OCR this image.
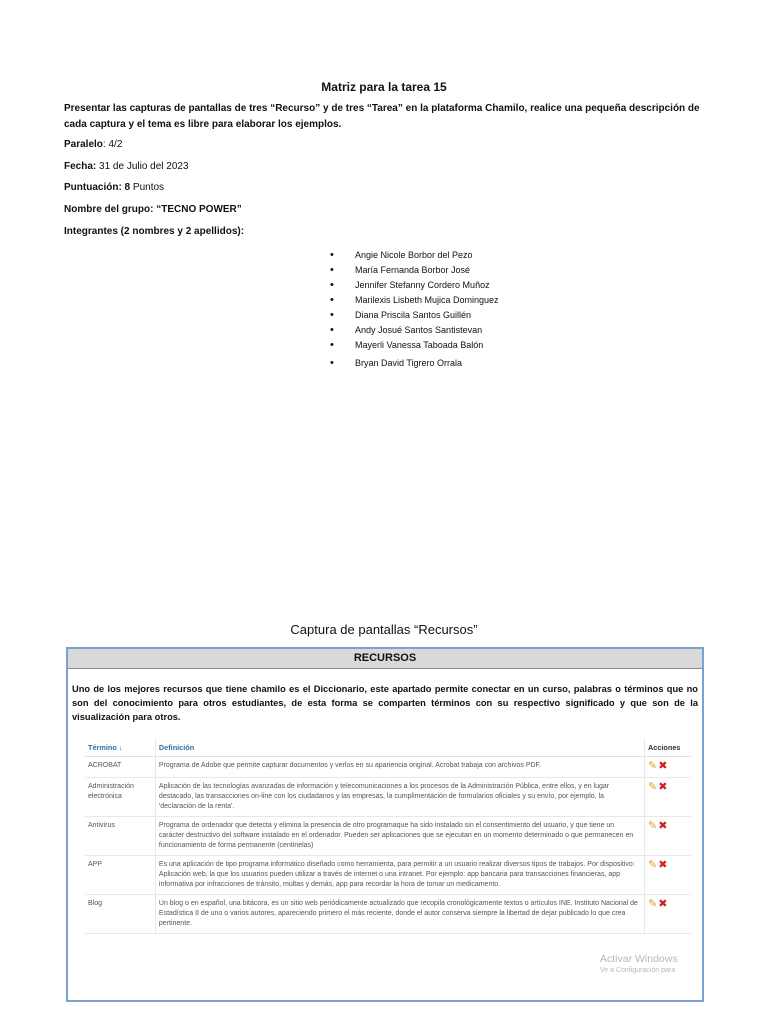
Matriz para la tarea 15
Presentar las capturas de pantallas de tres “Recurso” y de tres “Tarea” en la plataforma Chamilo, realice una pequeña descripción de cada captura y el tema es libre para elaborar los ejemplos.
Paralelo: 4/2
Fecha: 31 de Julio del 2023
Puntuación: 8 Puntos
Nombre del grupo: “TECNO POWER”
Integrantes (2 nombres y 2 apellidos):
• Angie Nicole Borbor del Pezo
• María Fernanda Borbor José
• Jennifer Stefanny Cordero Muñoz
• Marilexis Lisbeth Mujica Dominguez
• Diana Priscila Santos Guillén
• Andy Josué Santos Santistevan
• Mayerli Vanessa Taboada Balón
• Bryan David Tigrero Orrala
Captura de pantallas “Recursos”
RECURSOS
Uno de los mejores recursos que tiene chamilo es el Diccionario, este apartado permite conectar en un curso, palabras o términos que no son del conocimiento para otros estudiantes, de esta forma se comparten términos con su respectivo significado y que son de la visualización para otros.
Término ↓	Definición	Acciones
ACROBAT	Programa de Adobe que permite capturar documentos y verlos en su apariencia original. Acrobat trabaja con archivos PDF.	✎ ✖

Administración electrónica	Aplicación de las tecnologías avanzadas de información y telecomunicaciones a los procesos de la Administración Pública, entre ellos, y en lugar destacado, las transacciones on-line con los ciudadanos y las empresas, la cumplimentación de formularios oficiales y su envío, por ejemplo, la 'declaración de la renta'.	✎ ✖

Antivirus	Programa de ordenador que detecta y elimina la presencia de otro programaque ha sido instalado sin el consentimiento del usuario, y que tiene un carácter destructivo del software instalado en el ordenador. Pueden ser aplicaciones que se ejecutan en un momento determinado o que permanecen en funcionamiento de forma permanente (centinelas)	✎ ✖

APP	Es una aplicación de tipo programa informático diseñado como herramienta, para permitir a un usuario realizar diversos tipos de trabajos. Por dispositivo: Aplicación web, la que los usuarios pueden utilizar a través de internet o una intranet. Por ejemplo: app bancaria para transacciones financieras, app informativa por infracciones de tránsito, multas y demás, app para recordar la hora de tomar un medicamento.	✎ ✖

Blog	Un blog o en español, una bitácora, es un sitio web periódicamente actualizado que recopila cronológicamente textos o artículos INE. Instituto Nacional de Estadística II de uno o varios autores, apareciendo primero el más reciente, donde el autor conserva siempre la libertad de dejar publicado lo que crea pertinente.	✎ ✖
Activar Windows
Ve a Configuración para
